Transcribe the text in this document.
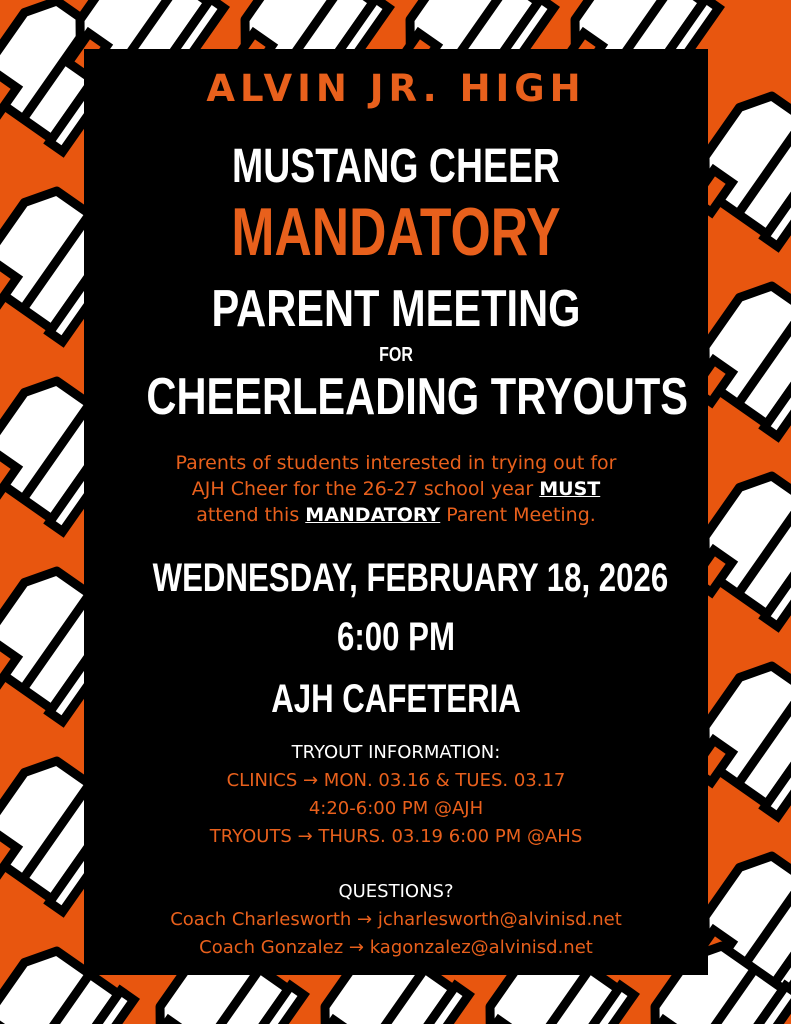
ALVIN JR. HIGH

MUSTANG CHEER

MANDATORY

PARENT MEETING

FOR

CHEERLEADING TRYOUTS

Parents of students interested in trying out for
AJH Cheer for the 26-27 school year MUST
attend this MANDATORY Parent Meeting.

WEDNESDAY, FEBRUARY 18, 2026

6:00 PM

AJH CAFETERIA

TRYOUT INFORMATION:
CLINICS → MON. 03.16 & TUES. 03.17
4:20-6:00 PM @AJH
TRYOUTS → THURS. 03.19 6:00 PM @AHS
QUESTIONS?
Coach Charlesworth → jcharlesworth@alvinisd.net
Coach Gonzalez → kagonzalez@alvinisd.net
